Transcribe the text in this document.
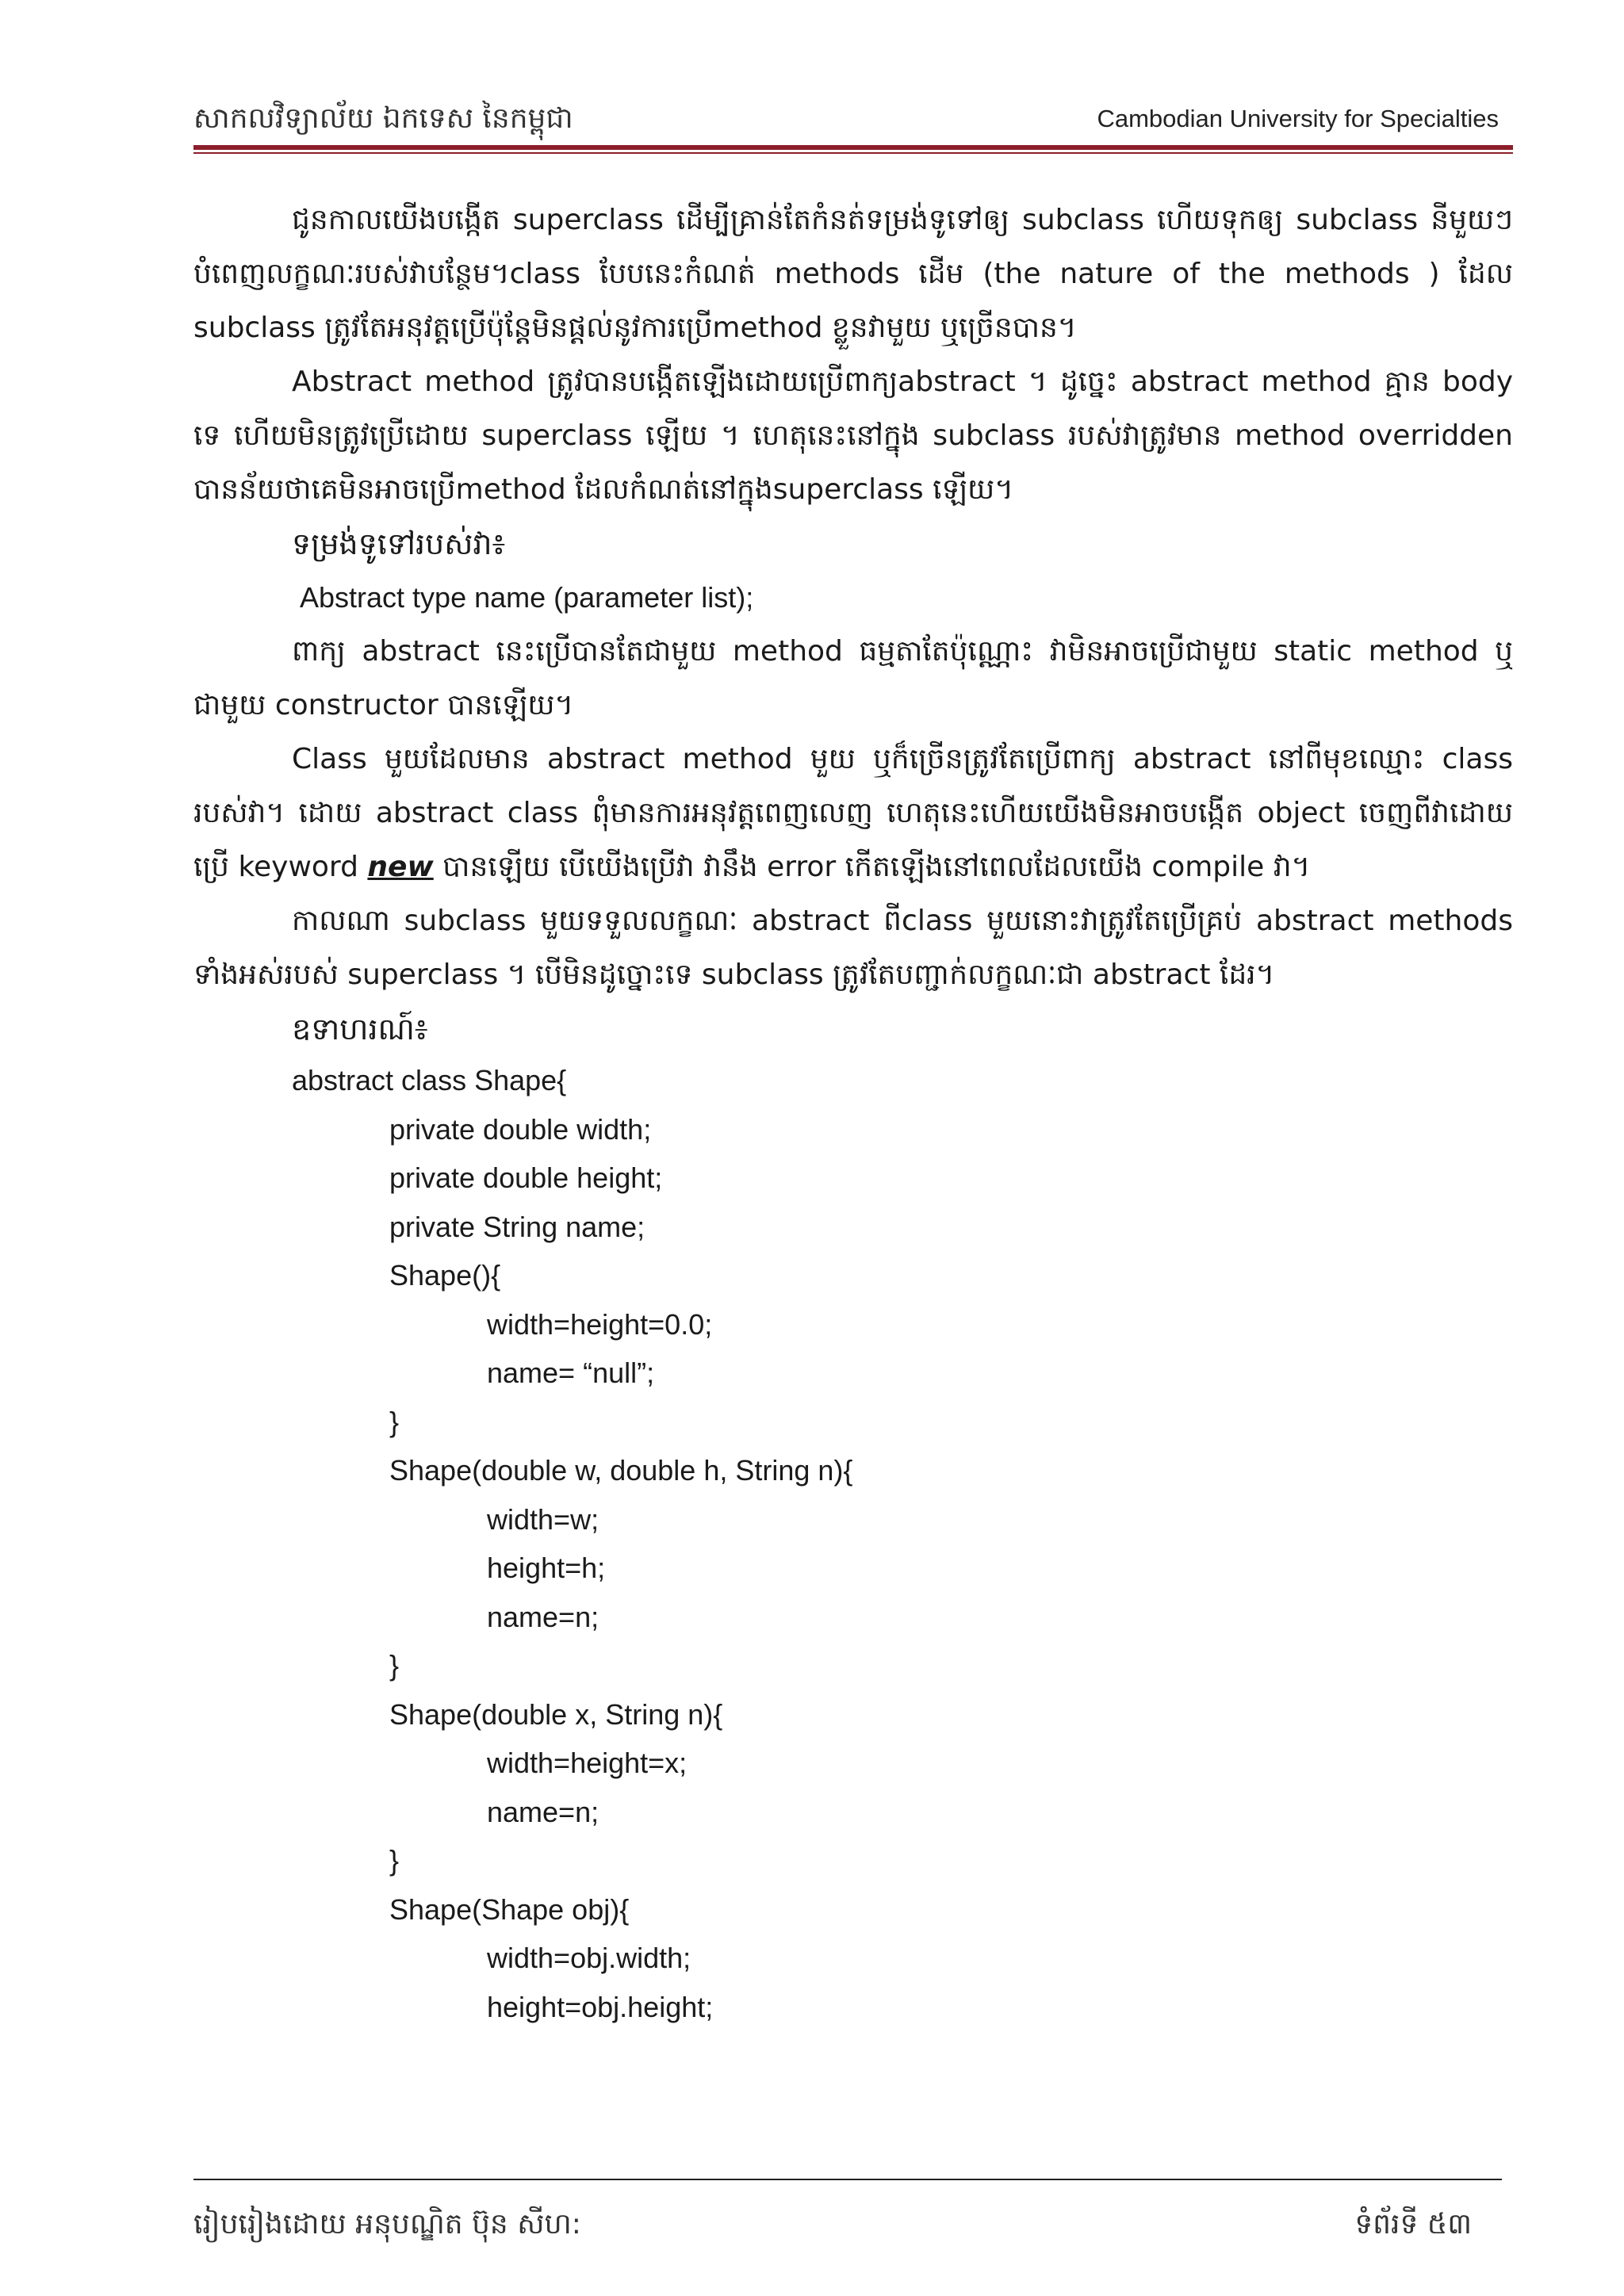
សាកលវិទ្យាល័យ ឯកទេស នៃកម្ពុជា	Cambodian University for Specialties

ជូនកាលយើងបង្កើត superclass ដើម្បីគ្រាន់តែកំនត់ទម្រង់ទូទៅឲ្យ subclass ហើយទុកឲ្យ subclass នីមួយៗបំពេញលក្ខណៈរបស់វាបន្ថែម។class បែបនេះកំណត់ methods ដើម (the nature of the methods ) ដែល subclass ត្រូវតែអនុវត្តប្រើប៉ុន្តែមិនផ្តល់នូវការប្រើmethod ខ្លួនវាមួយ ឬច្រើនបាន។

Abstract method ត្រូវបានបង្កើតឡើងដោយប្រើពាក្យabstract ។ ដូច្នេះ abstract method គ្មាន body ទេ ហើយមិនត្រូវប្រើដោយ superclass ឡើយ ។ ហេតុនេះនៅក្នុង subclass របស់វាត្រូវមាន method overridden បានន័យថាគេមិនអាចប្រើmethod ដែលកំណត់នៅក្នុងsuperclass ឡើយ។

ទម្រង់ទូទៅរបស់វា៖

Abstract type name (parameter list);

ពាក្យ abstract នេះប្រើបានតែជាមួយ method ធម្មតាតែប៉ុណ្ណោះ វាមិនអាចប្រើជាមួយ static method ឬជាមួយ constructor បានឡើយ។

Class មួយដែលមាន abstract method មួយ ឬក៏ច្រើនត្រូវតែប្រើពាក្យ abstract នៅពីមុខឈ្មោះ class របស់វា។ ដោយ abstract class ពុំមានការអនុវត្តពេញលេញ ហេតុនេះហើយយើងមិនអាចបង្កើត object ចេញពីវាដោយប្រើ keyword new បានឡើយ បើយើងប្រើវា វានឹង error កើតឡើងនៅពេលដែលយើង compile វា។

កាលណា subclass មួយទទួលលក្ខណៈ abstract ពីclass មួយនោះវាត្រូវតែប្រើគ្រប់ abstract methods ទាំងអស់របស់ superclass ។ បើមិនដូច្នោះទេ subclass ត្រូវតែបញ្ជាក់លក្ខណៈជា abstract ដែរ។

ឧទាហរណ៍៖

abstract class Shape{
private double width;
private double height;
private String name;
Shape(){
width=height=0.0;
name= “null”;
}
Shape(double w, double h, String n){
width=w;
height=h;
name=n;
}
Shape(double x, String n){
width=height=x;
name=n;
}
Shape(Shape obj){
width=obj.width;
height=obj.height;
រៀបរៀងដោយ អនុបណ្ឌិត ប៊ុន សីហ:	ទំព័រទី ៥៣
